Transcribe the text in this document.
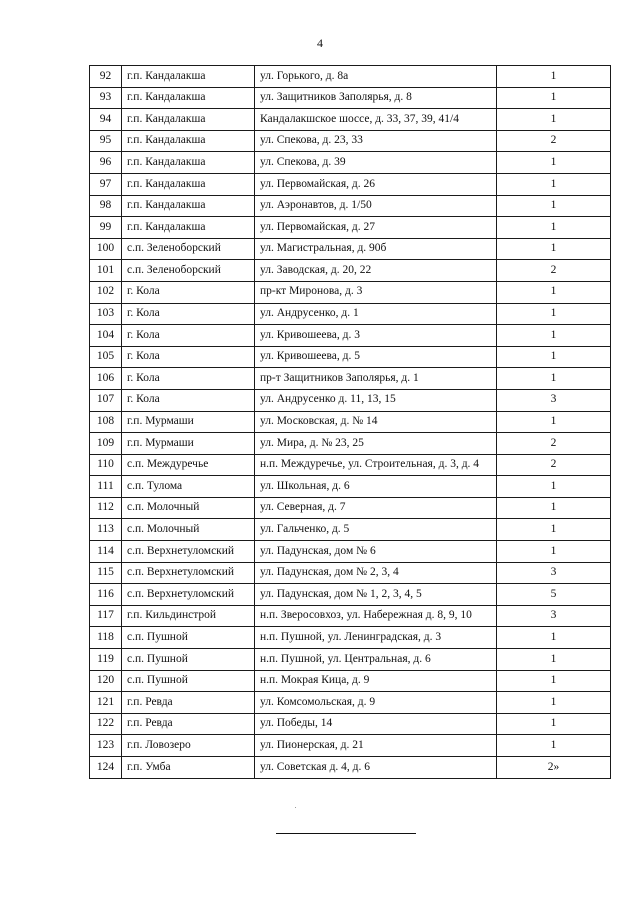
4
92	г.п. Кандалакша	ул. Горького, д. 8а	1
93	г.п. Кандалакша	ул. Защитников Заполярья, д. 8	1
94	г.п. Кандалакша	Кандалакшское шоссе, д. 33, 37, 39, 41/4	1
95	г.п. Кандалакша	ул. Спекова, д. 23, 33	2
96	г.п. Кандалакша	ул. Спекова, д. 39	1
97	г.п. Кандалакша	ул. Первомайская, д. 26	1
98	г.п. Кандалакша	ул. Аэронавтов, д. 1/50	1
99	г.п. Кандалакша	ул. Первомайская, д. 27	1
100	с.п. Зеленоборский	ул. Магистральная, д. 90б	1
101	с.п. Зеленоборский	ул. Заводская, д. 20, 22	2
102	г. Кола	пр-кт Миронова, д. 3	1
103	г. Кола	ул. Андрусенко, д. 1	1
104	г. Кола	ул. Кривошеева, д. 3	1
105	г. Кола	ул. Кривошеева, д. 5	1
106	г. Кола	пр-т Защитников Заполярья, д. 1	1
107	г. Кола	ул. Андрусенко д. 11, 13, 15	3
108	г.п. Мурмаши	ул. Московская, д. № 14	1
109	г.п. Мурмаши	ул. Мира, д. № 23, 25	2
110	с.п. Междуречье	н.п. Междуречье, ул. Строительная, д. 3, д. 4	2
111	с.п. Тулома	ул. Школьная, д. 6	1
112	с.п. Молочный	ул. Северная, д. 7	1
113	с.п. Молочный	ул. Гальченко, д. 5	1
114	с.п. Верхнетуломский	ул. Падунская, дом № 6	1
115	с.п. Верхнетуломский	ул. Падунская, дом № 2, 3, 4	3
116	с.п. Верхнетуломский	ул. Падунская, дом № 1, 2, 3, 4, 5	5
117	г.п. Кильдинстрой	н.п. Зверосовхоз, ул. Набережная д. 8, 9, 10	3
118	с.п. Пушной	н.п. Пушной, ул. Ленинградская, д. 3	1
119	с.п. Пушной	н.п. Пушной, ул. Центральная, д. 6	1
120	с.п. Пушной	н.п. Мокрая Кица, д. 9	1
121	г.п. Ревда	ул. Комсомольская, д. 9	1
122	г.п. Ревда	ул. Победы, 14	1
123	г.п. Ловозеро	ул. Пионерская, д. 21	1
124	г.п. Умба	ул. Советская д. 4, д. 6	2»
